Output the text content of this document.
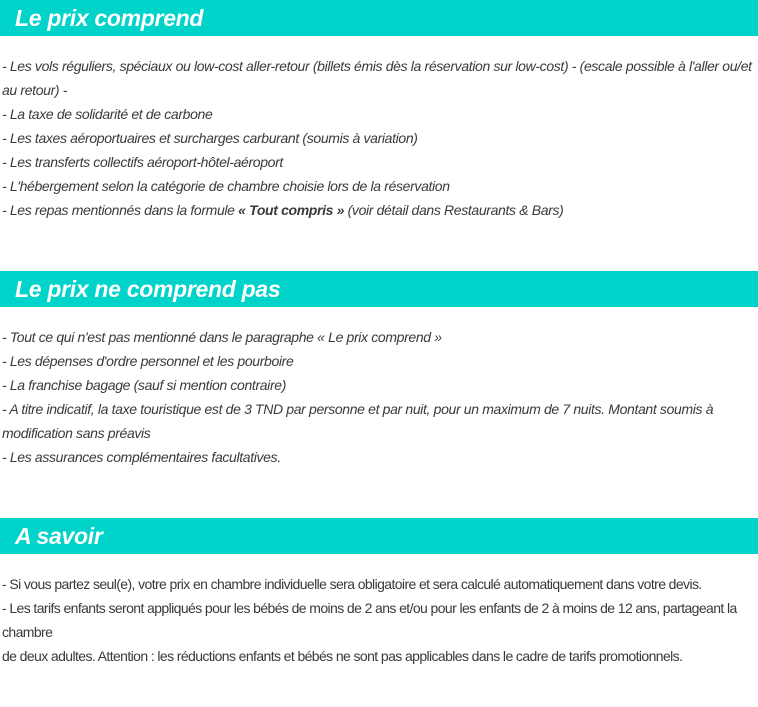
Le prix comprend
- Les vols réguliers, spéciaux ou low-cost aller-retour (billets émis dès la réservation sur low-cost) - (escale possible à l'aller ou/et au retour) -
- La taxe de solidarité et de carbone
- Les taxes aéroportuaires et surcharges carburant (soumis à variation)
- Les transferts collectifs aéroport-hôtel-aéroport
- L'hébergement selon la catégorie de chambre choisie lors de la réservation
- Les repas mentionnés dans la formule « Tout compris » (voir détail dans Restaurants & Bars)
Le prix ne comprend pas
- Tout ce qui n'est pas mentionné dans le paragraphe « Le prix comprend »
- Les dépenses d'ordre personnel et les pourboire
- La franchise bagage (sauf si mention contraire)
- A titre indicatif, la taxe touristique est de 3 TND par personne et par nuit, pour un maximum de 7 nuits. Montant soumis à modification sans préavis
- Les assurances complémentaires facultatives.
A savoir
- Si vous partez seul(e), votre prix en chambre individuelle sera obligatoire et sera calculé automatiquement dans votre devis.
- Les tarifs enfants seront appliqués pour les bébés de moins de 2 ans et/ou pour les enfants de 2 à moins de 12 ans, partageant la chambre
de deux adultes. Attention : les réductions enfants et bébés ne sont pas applicables dans le cadre de tarifs promotionnels.
